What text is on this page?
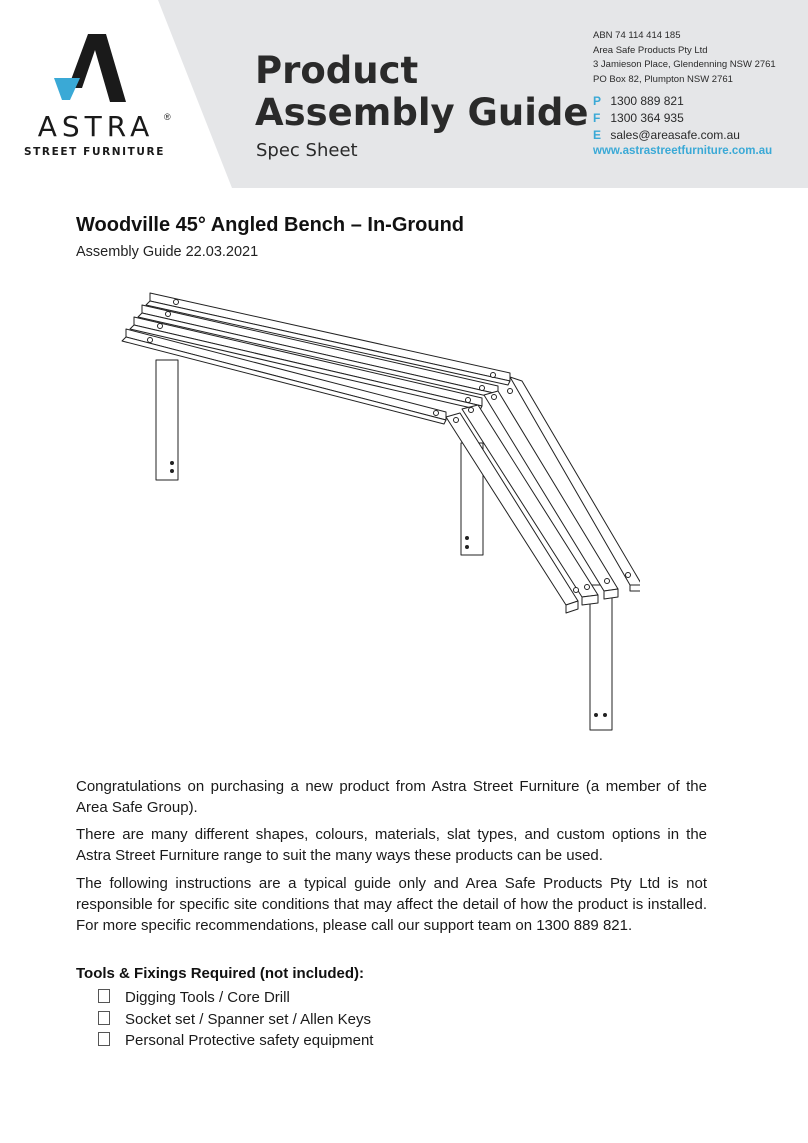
ASTRA	®
STREET FURNITURE
Product
Assembly Guide
Spec Sheet
ABN 74 114 414 185
Area Safe Products Pty Ltd
3 Jamieson Place, Glendenning NSW 2761
PO Box 82, Plumpton NSW 2761
P 1300 889 821
F 1300 364 935
E sales@areasafe.com.au
www.astrastreetfurniture.com.au
Woodville 45° Angled Bench – In-Ground
Assembly Guide 22.03.2021

Congratulations on purchasing a new product from Astra Street Furniture (a member of the Area Safe Group).

There are many different shapes, colours, materials, slat types, and custom options in the Astra Street Furniture range to suit the many ways these products can be used.

The following instructions are a typical guide only and Area Safe Products Pty Ltd is not responsible for specific site conditions that may affect the detail of how the product is installed. For more specific recommendations, please call our support team on 1300 889 821.

Tools & Fixings Required (not included):
Digging Tools / Core Drill
Socket set / Spanner set / Allen Keys
Personal Protective safety equipment
